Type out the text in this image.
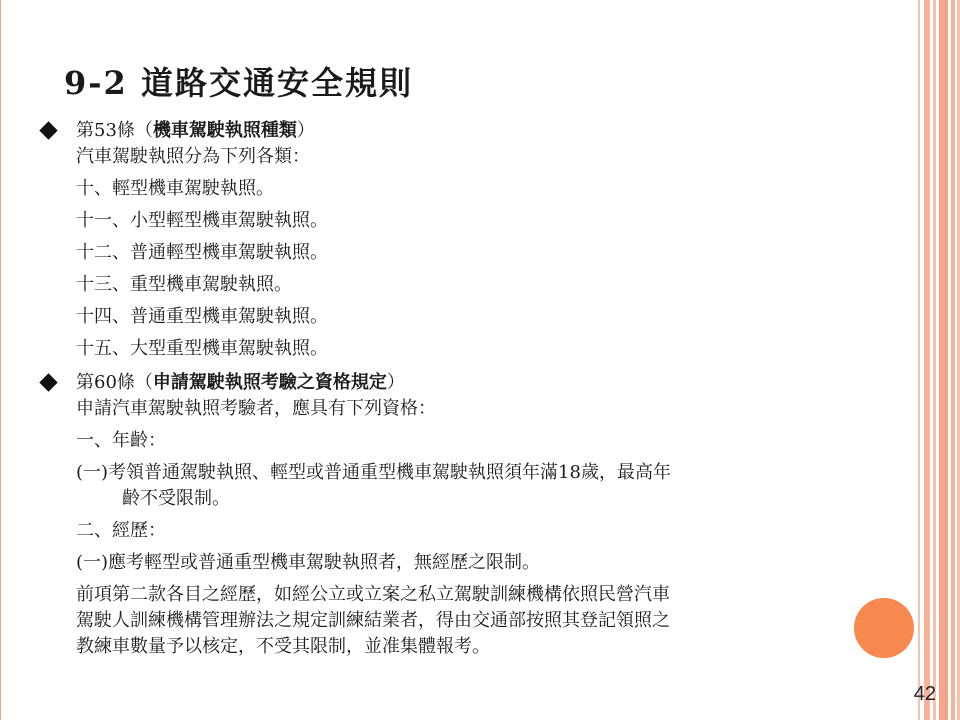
9-2 道路交通安全規則
第53條（機車駕駛執照種類）
汽車駕駛執照分為下列各類：
十、輕型機車駕駛執照。
十一、小型輕型機車駕駛執照。
十二、普通輕型機車駕駛執照。
十三、重型機車駕駛執照。
十四、普通重型機車駕駛執照。
十五、大型重型機車駕駛執照。
第60條（申請駕駛執照考驗之資格規定）
申請汽車駕駛執照考驗者，應具有下列資格：
一、年齡：
(一)考領普通駕駛執照、輕型或普通重型機車駕駛執照須年滿18歲，最高年
齡不受限制。
二、經歷：
(一)應考輕型或普通重型機車駕駛執照者，無經歷之限制。
前項第二款各目之經歷，如經公立或立案之私立駕駛訓練機構依照民營汽車
駕駛人訓練機構管理辦法之規定訓練結業者，得由交通部按照其登記領照之
教練車數量予以核定，不受其限制，並准集體報考。
42
